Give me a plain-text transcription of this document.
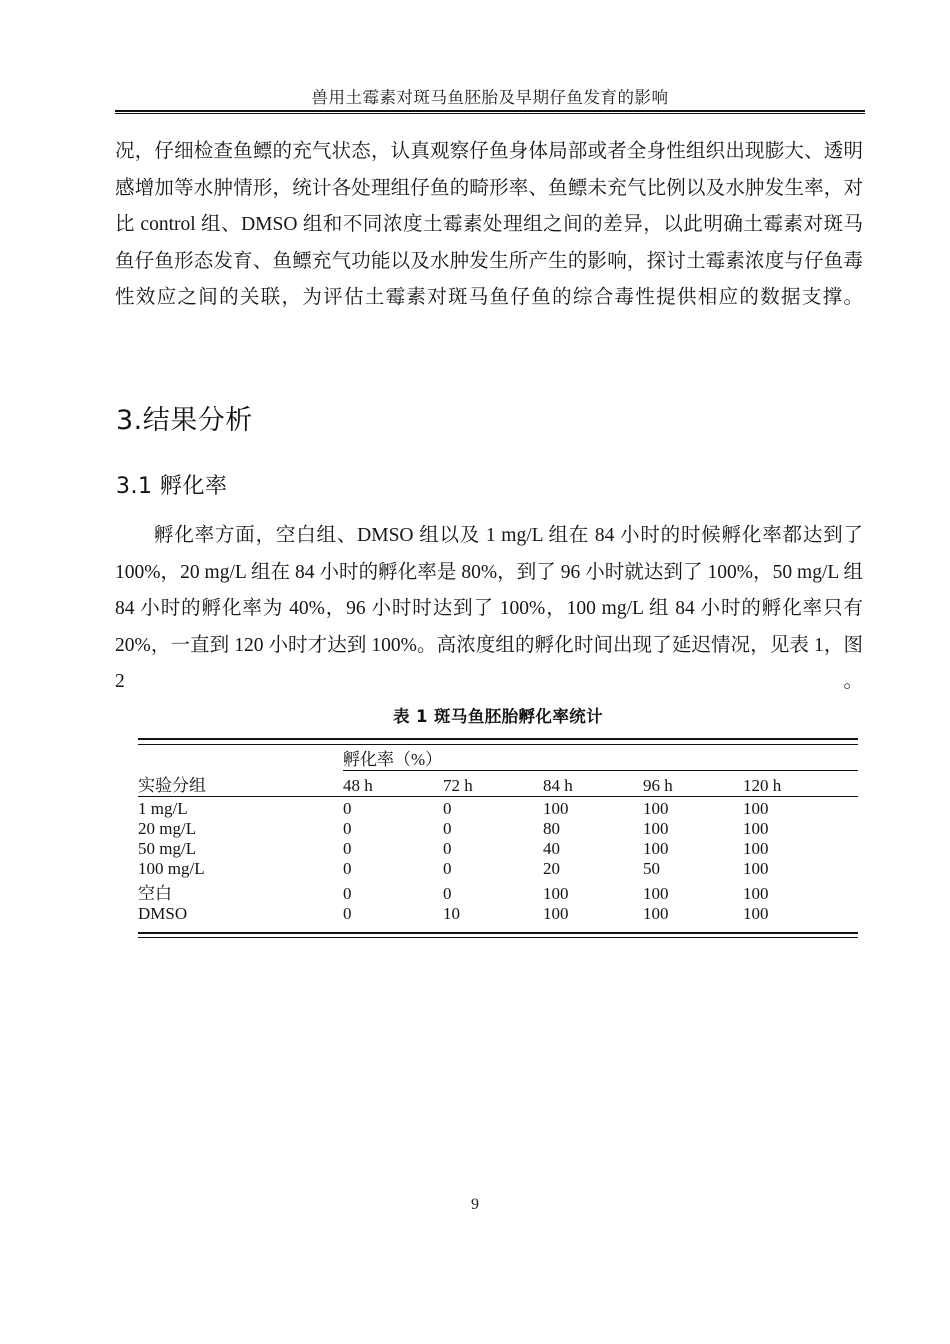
兽用土霉素对斑马鱼胚胎及早期仔鱼发育的影响

况，仔细检查鱼鳔的充气状态，认真观察仔鱼身体局部或者全身性组织出现膨大、透明感增加等水肿情形，统计各处理组仔鱼的畸形率、鱼鳔未充气比例以及水肿发生率，对比 control 组、DMSO 组和不同浓度土霉素处理组之间的差异，以此明确土霉素对斑马鱼仔鱼形态发育、鱼鳔充气功能以及水肿发生所产生的影响，探讨土霉素浓度与仔鱼毒性效应之间的关联，为评估土霉素对斑马鱼仔鱼的综合毒性提供相应的数据支撑。

3.结果分析
3.1 孵化率

孵化率方面，空白组、DMSO 组以及 1 mg/L 组在 84 小时的时候孵化率都达到了 100%，20 mg/L 组在 84 小时的孵化率是 80%，到了 96 小时就达到了 100%，50 mg/L 组 84 小时的孵化率为 40%，96 小时时达到了 100%，100 mg/L 组 84 小时的孵化率只有 20%，一直到 120 小时才达到 100%。高浓度组的孵化时间出现了延迟情况，见表 1，图 2。

表 1 斑马鱼胚胎孵化率统计

	孵化率（%）				

实验分组	48 h	72 h	84 h	96 h	120 h

1 mg/L	0	0	100	100	100
20 mg/L	0	0	80	100	100
50 mg/L	0	0	40	100	100
100 mg/L	0	0	20	50	100
空白	0	0	100	100	100
DMSO	0	10	100	100	100

9
